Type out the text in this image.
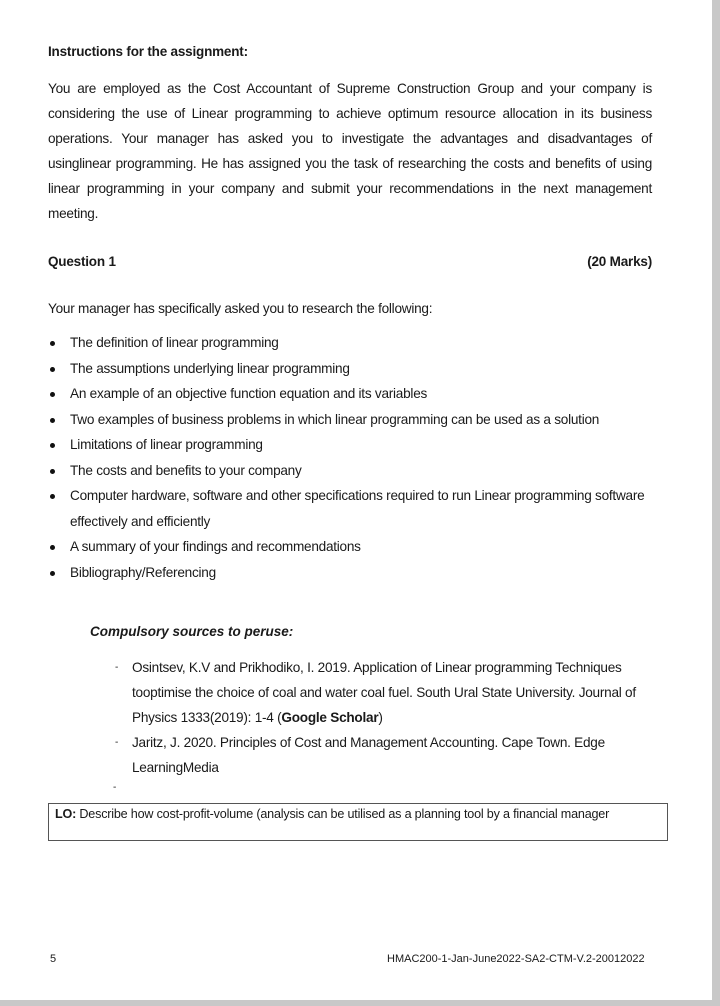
Instructions for the assignment:
You are employed as the Cost Accountant of Supreme Construction Group and your company is considering the use of Linear programming to achieve optimum resource allocation in its business operations. Your manager has asked you to investigate the advantages and disadvantages of usinglinear programming. He has assigned you the task of researching the costs and benefits of using linear programming in your company and submit your recommendations in the next management meeting.
Question 1	(20 Marks)
Your manager has specifically asked you to research the following:
The definition of linear programming
The assumptions underlying linear programming
An example of an objective function equation and its variables
Two examples of business problems in which linear programming can be used as a solution
Limitations of linear programming
The costs and benefits to your company
Computer hardware, software and other specifications required to run Linear programming software effectively and efficiently
A summary of your findings and recommendations
Bibliography/Referencing
Compulsory sources to peruse:
- Osintsev, K.V and Prikhodiko, I. 2019. Application of Linear programming Techniques tooptimise the choice of coal and water coal fuel. South Ural State University. Journal of Physics 1333(2019): 1-4 (Google Scholar)
- Jaritz, J. 2020. Principles of Cost and Management Accounting. Cape Town. Edge LearningMedia
-
LO: Describe how cost-profit-volume (analysis can be utilised as a planning tool by a financial manager
5	HMAC200-1-Jan-June2022-SA2-CTM-V.2-20012022
